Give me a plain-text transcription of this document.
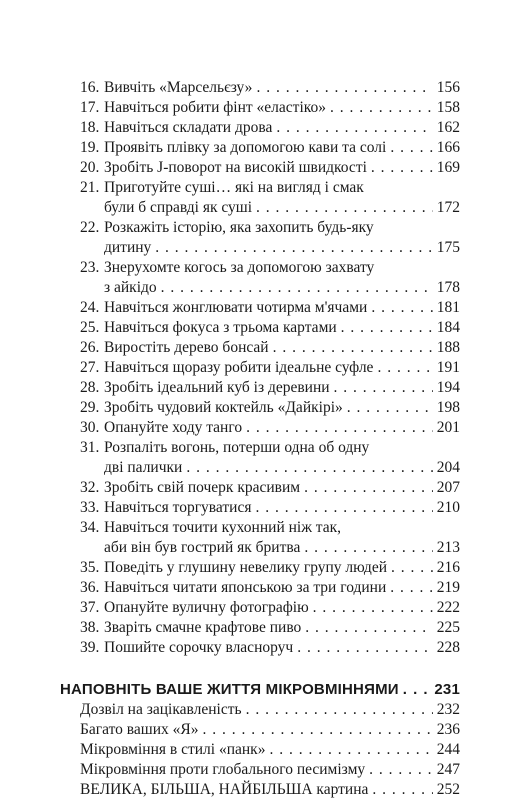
16. Вивчіть «Марсельєзу» . . .	156
17. Навчіться робити фінт «еластіко» . . .	158
18. Навчіться складати дрова . . .	162
19. Проявіть плівку за допомогою кави та солі . . .	166
20. Зробіть J-поворот на високій швидкості . . .	169
21. Приготуйте суші… які на вигляд і смак
були б справді як суші . . .	172
22. Розкажіть історію, яка захопить будь-яку
дитину . . .	175
23. Знерухомте когось за допомогою захвату
з айкідо . . .	178
24. Навчіться жонглювати чотирма м'ячами . . .	181
25. Навчіться фокуса з трьома картами . . .	184
26. Виростіть дерево бонсай . . .	188
27. Навчіться щоразу робити ідеальне суфле . . .	191
28. Зробіть ідеальний куб із деревини . . .	194
29. Зробіть чудовий коктейль «Дайкірі» . . .	198
30. Опануйте ходу танго . . .	201
31. Розпаліть вогонь, потерши одна об одну
дві палички . . .	204
32. Зробіть свій почерк красивим . . .	207
33. Навчіться торгуватися . . .	210
34. Навчіться точити кухонний ніж так,
аби він був гострий як бритва . . .	213
35. Поведіть у глушину невелику групу людей . . .	216
36. Навчіться читати японською за три години . . .	219
37. Опануйте вуличну фотографію . . .	222
38. Зваріть смачне крафтове пиво . . .	225
39. Пошийте сорочку власноруч . . .	228
НАПОВНІТЬ ВАШЕ ЖИТТЯ МІКРОВМІННЯМИ . . . 231
Дозвіл на зацікавленість . . .	232
Багато ваших «Я» . . .	236
Мікровміння в стилі «панк» . . .	244
Мікровміння проти глобального песимізму . . .	247
ВЕЛИКА, БІЛЬША, НАЙБІЛЬША картина . . .	252
